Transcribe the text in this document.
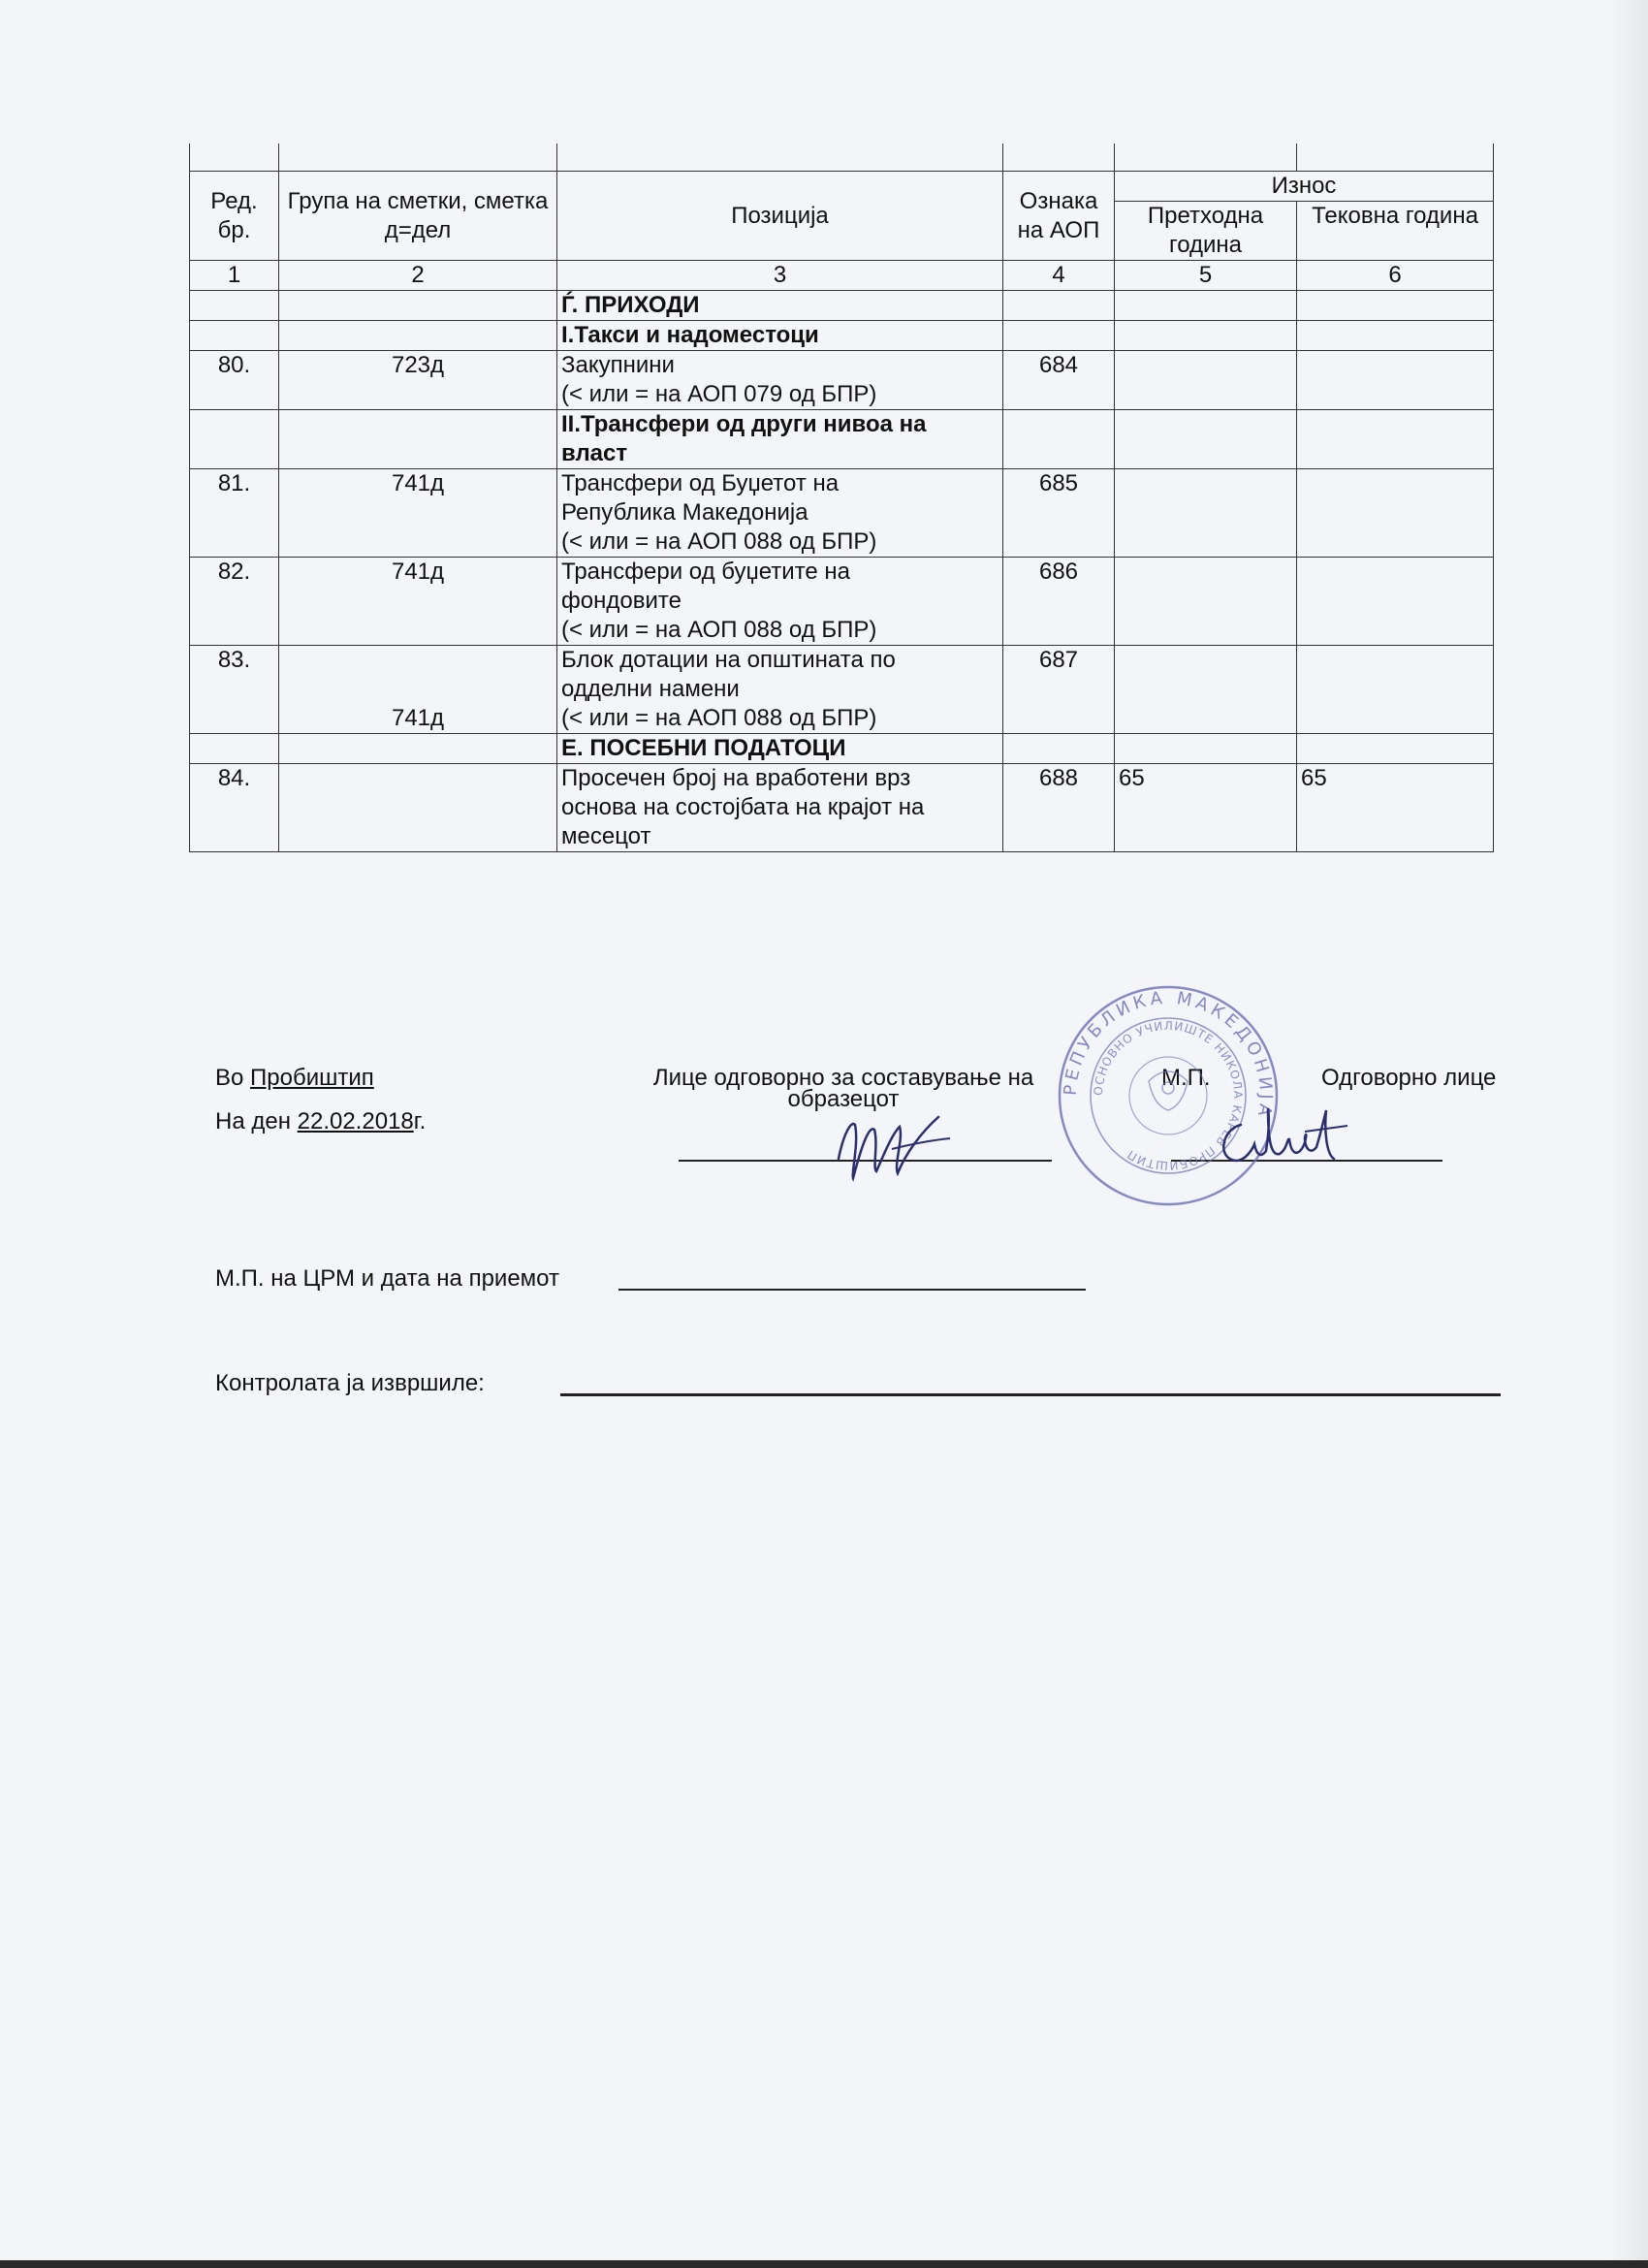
Ред. бр.	Група на сметки, сметка д=дел	Позиција	Ознака на АОП	Износ	
				Претходна година	Тековна година
1	2	3	4	5	6
		Ѓ. ПРИХОДИ			
		I.Такси и надоместоци			
80.	723д	Закупнини
(< или = на АОП 079 од БПР)	684		
		II.Трансфери од други нивоа на власт			
81.	741д	Трансфери од Буџетот на
Република Македонија
(< или = на АОП 088 од БПР)	685		
82.	741д	Трансфери од буџетите на
фондовите
(< или = на АОП 088 од БПР)	686		
83.	741д	Блок дотации на општината по
одделни намени
(< или = на АОП 088 од БПР)	687		
		Е. ПОСЕБНИ ПОДАТОЦИ			
84.		Просечен број на вработени врз
основа на состојбата на крајот на
месецот	688	65	65
Во Пробиштип
На ден 22.02.2018г.
Лице одговорно за составување на
образецот
М.П.	Одговорно лице
М.П. на ЦРМ и дата на приемот
Контролата ја извршиле:
РЕПУБЛИКА МАКЕДОНИЈА
ОСНОВНО УЧИЛИШТЕ НИКОЛА КАРЕВ ПРОБИШТИП
